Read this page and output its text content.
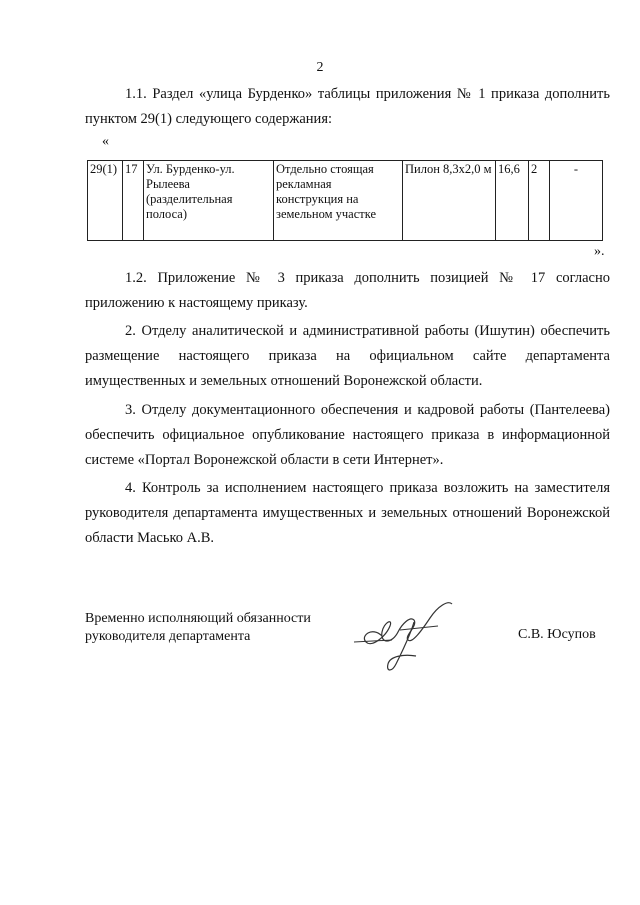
2

1.1. Раздел «улица Бурденко» таблицы приложения № 1 приказа дополнить пунктом 29(1) следующего содержания:

«
29(1)	17	Ул. Бурденко-ул. Рылеева (разделительная полоса)	Отдельно стоящая рекламная конструкция на земельном участке	Пилон 8,3х2,0 м	16,6	2	-
».

1.2. Приложение № 3 приказа дополнить позицией № 17 согласно приложению к настоящему приказу.

2. Отделу аналитической и административной работы (Ишутин) обеспечить размещение настоящего приказа на официальном сайте департамента имущественных и земельных отношений Воронежской области.

3. Отделу документационного обеспечения и кадровой работы (Пантелеева) обеспечить официальное опубликование настоящего приказа в информационной системе «Портал Воронежской области в сети Интернет».

4. Контроль за исполнением настоящего приказа возложить на заместителя руководителя департамента имущественных и земельных отношений Воронежской области Масько А.В.

Временно исполняющий обязанности
руководителя департамента	С.В. Юсупов
